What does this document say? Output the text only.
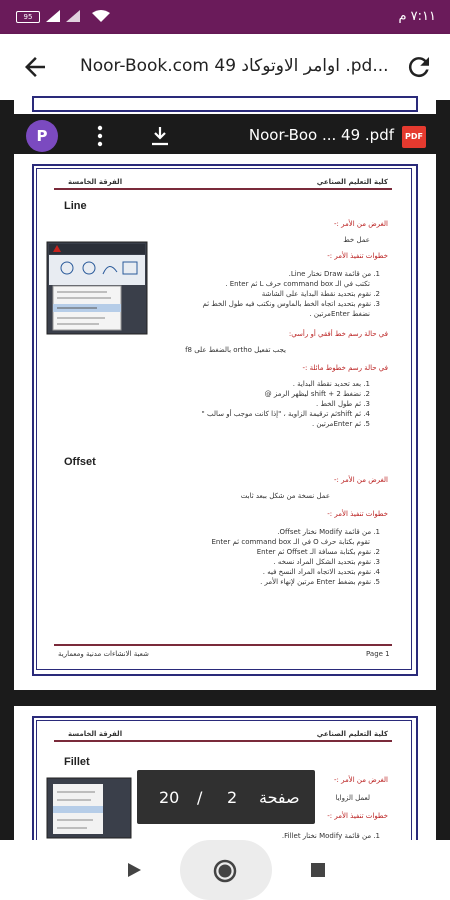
95	٧:١١ م
Noor-Book.com 49 اوامر الاوتوكاد .pd...
كلية التعليم الصناعي
الفرقة الخامسة
Line
الغرض من الأمر :-
عمل خط
خطوات تنفيذ الأمر :-
1. من قائمة Draw نختار Line.
تكتب في الـ command box حرف L ثم Enter .
2. نقوم بتحديد نقطة البداية على الشاشة
3. نقوم بتحديد اتجاه الخط بالماوس ونكتب فيه طول الخط ثم
نضغط Enterمرتين .
في حالة رسم خط أفقي أو رأسي:
يجب تفعيل ortho بالضغط على f8
في حالة رسم خطوط مائلة :-
1. بعد تحديد نقطة البداية .
2. نضغط shift + 2 ليظهر الرمز @
3. ثم طول الخط .
4. ثم shiftثم ترقيمة الزاوية ، "إذا كانت موجب أو سالب "
5. ثم Enterمرتين .
Offset
الغرض من الأمر :-
عمل نسخة من شكل ببعد ثابت
خطوات تنفيذ الأمر :-
1. من قائمة Modify نختار Offset.
تقوم بكتابة حرف O في الـ command box ثم Enter
2. نقوم بكتابة مسافة الـ Offset ثم Enter
3. نقوم بتحديد الشكل المراد نسخه .
4. نقوم بتحديد الاتجاه المراد النسخ فيه .
5. نقوم بضغط Enter مرتين لإنهاء الأمر .
Page 1
شعبة الانشاءات مدنية ومعمارية
كلية التعليم الصناعي
الفرقة الخامسة
Fillet
الغرض من الأمر :-
لعمل الزوايا
خطوات تنفيذ الأمر :-
1. من قائمة Modify نختار Fillet.
P	Noor-Boo ... 49 .pdf	PDF
20 / 2 صفحة
